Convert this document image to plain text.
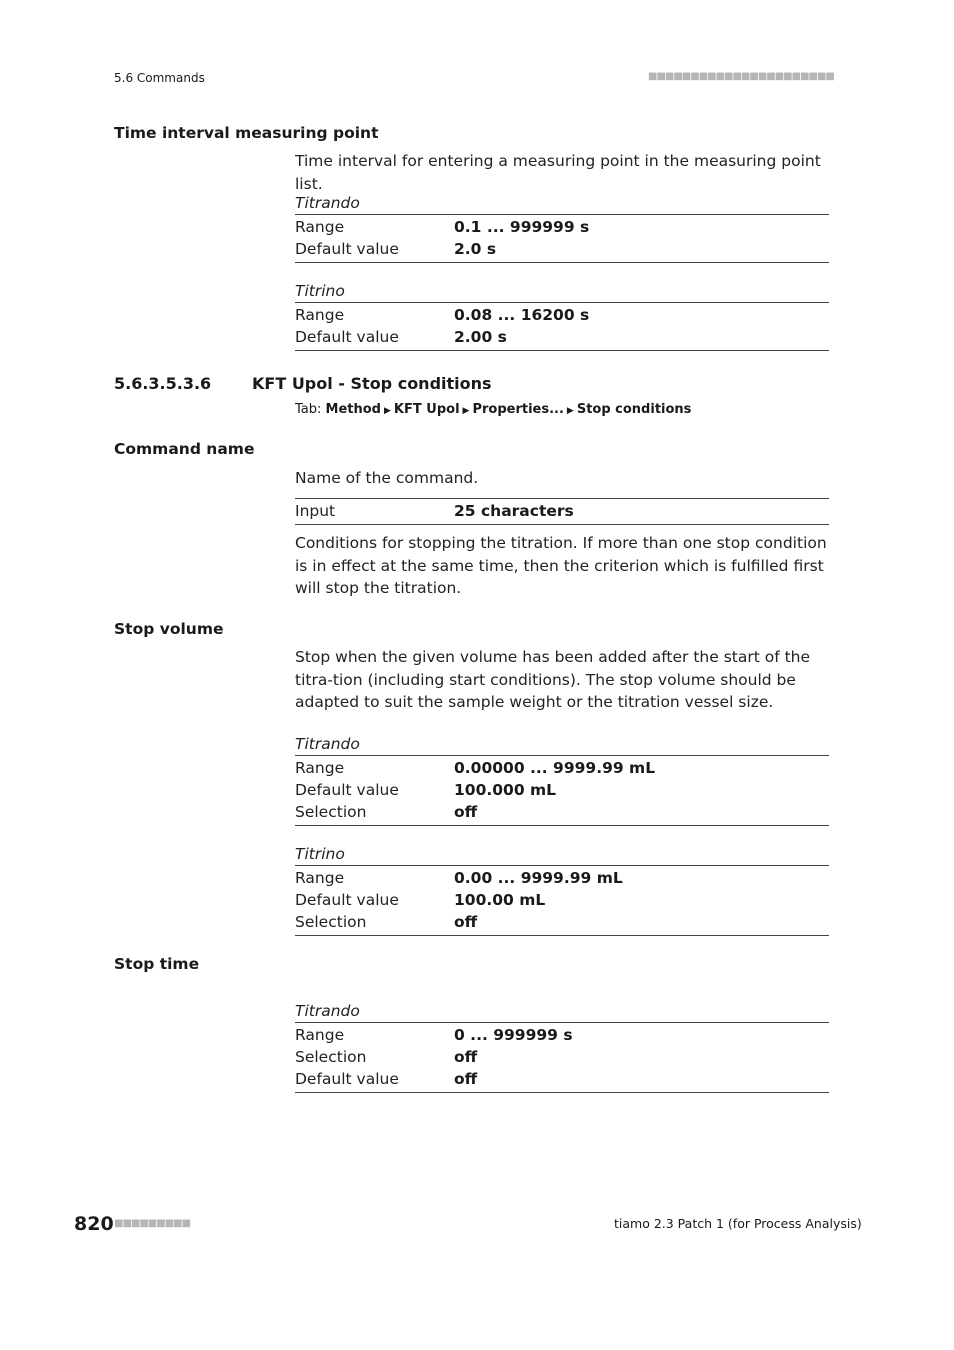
5.6 Commands	■■■■■■■■■■■■■■■■■■■■■■
Time interval measuring point
Time interval for entering a measuring point in the measuring point list.
Titrando
Range	0.1 ... 999999 s
Default value	2.0 s
Titrino
Range	0.08 ... 16200 s
Default value	2.00 s
5.6.3.5.3.6	KFT Upol - Stop conditions
Tab: Method ▶ KFT Upol ▶ Properties... ▶ Stop conditions
Command name
Name of the command.
Input	25 characters
Conditions for stopping the titration. If more than one stop condition is in effect at the same time, then the criterion which is fulfilled first will stop the titration.
Stop volume
Stop when the given volume has been added after the start of the titra-tion (including start conditions). The stop volume should be adapted to suit the sample weight or the titration vessel size.
Titrando
Range	0.00000 ... 9999.99 mL
Default value	100.000 mL
Selection	off
Titrino
Range	0.00 ... 9999.99 mL
Default value	100.00 mL
Selection	off
Stop time
Titrando
Range	0 ... 999999 s
Selection	off
Default value	off
820 ■■■■■■■■■	tiamo 2.3 Patch 1 (for Process Analysis)
